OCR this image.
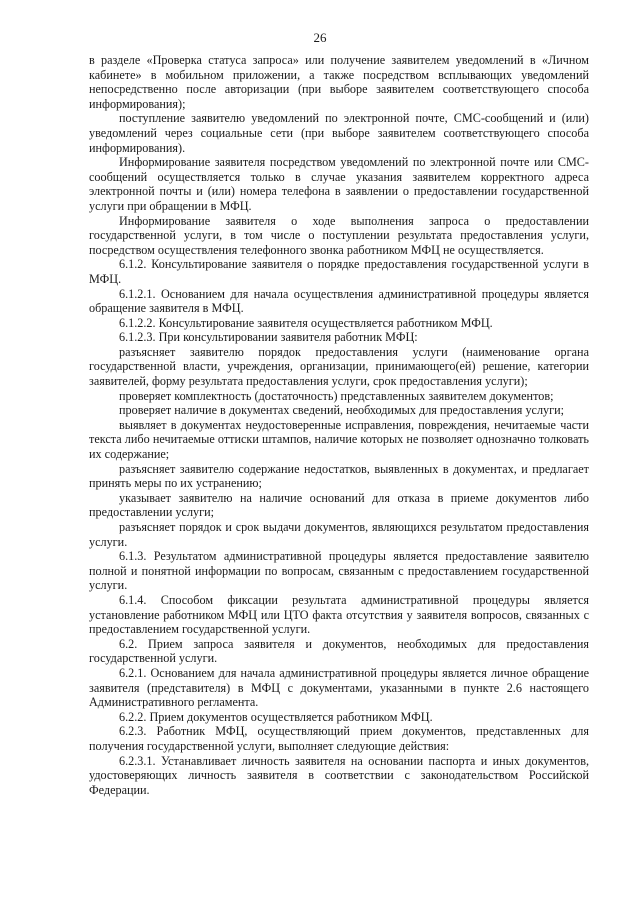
26

в разделе «Проверка статуса запроса» или получение заявителем уведомлений в «Личном кабинете» в мобильном приложении, а также посредством всплывающих уведомлений непосредственно после авторизации (при выборе заявителем соответствующего способа информирования);

поступление заявителю уведомлений по электронной почте, СМС-сообщений и (или) уведомлений через социальные сети (при выборе заявителем соответствующего способа информирования).

Информирование заявителя посредством уведомлений по электронной почте или СМС-сообщений осуществляется только в случае указания заявителем корректного адреса электронной почты и (или) номера телефона в заявлении о предоставлении государственной услуги при обращении в МФЦ.

Информирование заявителя о ходе выполнения запроса о предоставлении государственной услуги, в том числе о поступлении результата предоставления услуги, посредством осуществления телефонного звонка работником МФЦ не осуществляется.

6.1.2. Консультирование заявителя о порядке предоставления государственной услуги в МФЦ.

6.1.2.1. Основанием для начала осуществления административной процедуры является обращение заявителя в МФЦ.

6.1.2.2. Консультирование заявителя осуществляется работником МФЦ.

6.1.2.3. При консультировании заявителя работник МФЦ:

разъясняет заявителю порядок предоставления услуги (наименование органа государственной власти, учреждения, организации, принимающего(ей) решение, категории заявителей, форму результата предоставления услуги, срок предоставления услуги);

проверяет комплектность (достаточность) представленных заявителем документов;

проверяет наличие в документах сведений, необходимых для предоставления услуги;

выявляет в документах неудостоверенные исправления, повреждения, нечитаемые части текста либо нечитаемые оттиски штампов, наличие которых не позволяет однозначно толковать их содержание;

разъясняет заявителю содержание недостатков, выявленных в документах, и предлагает принять меры по их устранению;

указывает заявителю на наличие оснований для отказа в приеме документов либо предоставлении услуги;

разъясняет порядок и срок выдачи документов, являющихся результатом предоставления услуги.

6.1.3. Результатом административной процедуры является предоставление заявителю полной и понятной информации по вопросам, связанным с предоставлением государственной услуги.

6.1.4. Способом фиксации результата административной процедуры является установление работником МФЦ или ЦТО факта отсутствия у заявителя вопросов, связанных с предоставлением государственной услуги.

6.2. Прием запроса заявителя и документов, необходимых для предоставления государственной услуги.

6.2.1. Основанием для начала административной процедуры является личное обращение заявителя (представителя) в МФЦ с документами, указанными в пункте 2.6 настоящего Административного регламента.

6.2.2. Прием документов осуществляется работником МФЦ.

6.2.3. Работник МФЦ, осуществляющий прием документов, представленных для получения государственной услуги, выполняет следующие действия:

6.2.3.1. Устанавливает личность заявителя на основании паспорта и иных документов, удостоверяющих личность заявителя в соответствии с законодательством Российской Федерации.
